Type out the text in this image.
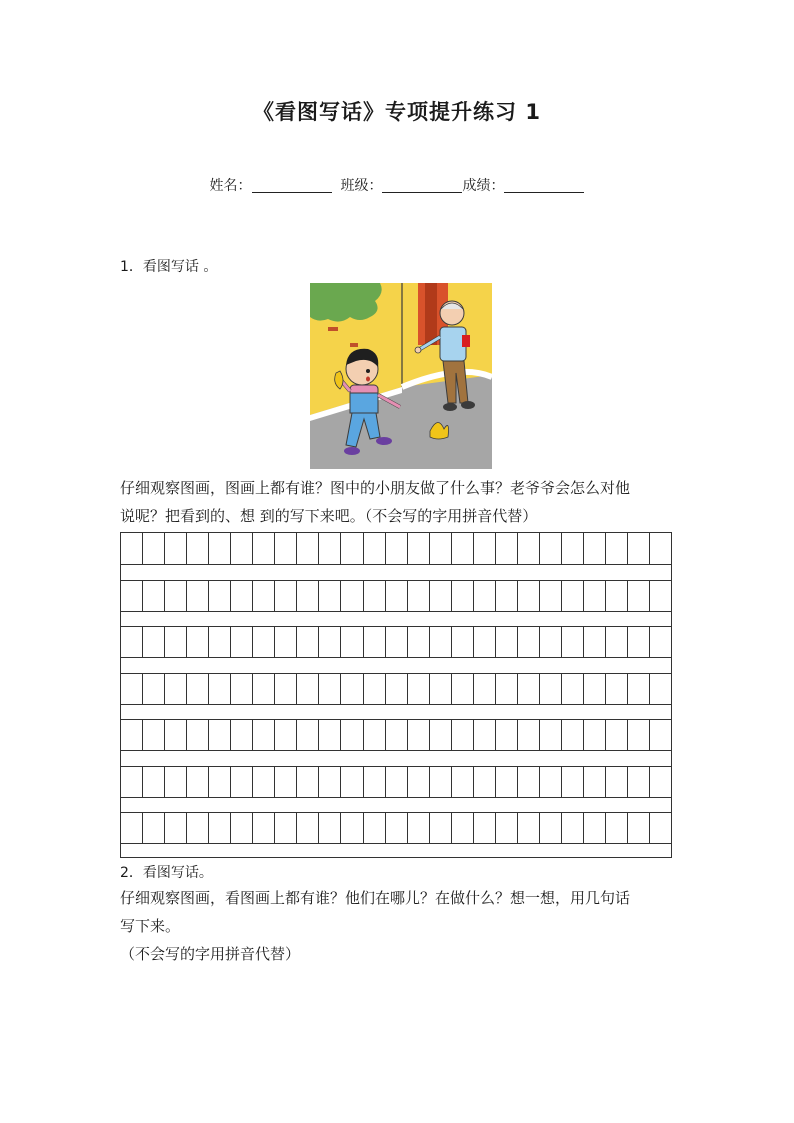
《看图写话》专项提升练习 1
姓名：	班级：	成绩：
1．看图写话 。
仔细观察图画，图画上都有谁？图中的小朋友做了什么事？老爷爷会怎么对他
说呢？把看到的、想 到的写下来吧。（不会写的字用拼音代替）
2．看图写话。
仔细观察图画，看图画上都有谁？他们在哪儿？在做什么？想一想，用几句话
写下来。
（不会写的字用拼音代替）
